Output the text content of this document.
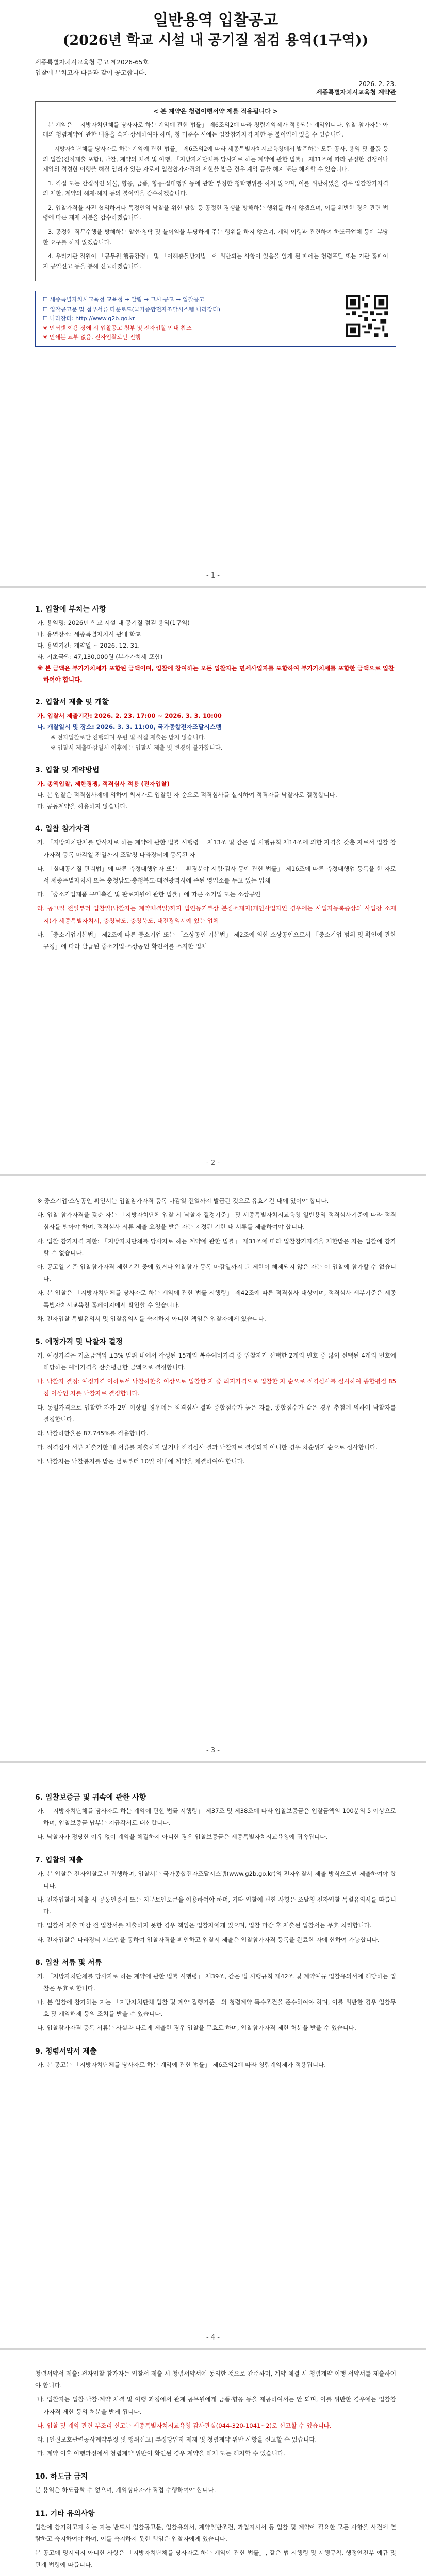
일반용역 입찰공고
(2026년 학교 시설 내 공기질 점검 용역(1구역))
세종특별자치시교육청 공고 제2026-65호
입찰에 부치고자 다음과 같이 공고합니다.
2026. 2. 23.
세종특별자치시교육청 계약관
< 본 계약은 청렴이행서약 제를 적용됩니다 >

본 계약은 「지방자치단체를 당사자로 하는 계약에 관한 법률」 제6조의2에 따라 청렴계약제가 적용되는 계약입니다. 입찰 참가자는 아래의 청렴계약에 관한 내용을 숙지·상세하여야 하며, 청 미준수 시에는 입찰참가자격 제한 등 불이익이 있을 수 있습니다.

「지방자치단체를 당사자로 하는 계약에 관한 법률」 제6조의2에 따라 세종특별자치시교육청에서 발주하는 모든 공사, 용역 및 물품 등의 입찰(견적제출 포함), 낙찰, 계약의 체결 및 이행, 「지방자치단체를 당사자로 하는 계약에 관한 법률」 제31조에 따라 공정한 경쟁이나 계약의 적정한 이행을 해칠 염려가 있는 자로서 입찰참가자격의 제한을 받은 경우 계약 등을 해지 또는 해제할 수 있습니다.

1. 직접 또는 간접적인 뇌물, 향응, 금품, 향응·접대행위 등에 관한 부정한 청탁행위를 하지 않으며, 이를 위반하였을 경우 입찰참가자격의 제한, 계약의 해제·해지 등의 불이익을 감수하겠습니다.

2. 입찰가격을 사전 협의하거나 특정인의 낙찰을 위한 담합 등 공정한 경쟁을 방해하는 행위를 하지 않겠으며, 이를 위반한 경우 관련 법령에 따른 제재 처분을 감수하겠습니다.

3. 공정한 직무수행을 방해하는 알선·청탁 및 불이익을 부당하게 주는 행위를 하지 않으며, 계약 이행과 관련하여 하도급업체 등에 부당한 요구를 하지 않겠습니다.

4. 우리기관 직원이 「공무원 행동강령」 및 「이해충돌방지법」에 위반되는 사항이 있음을 알게 된 때에는 청렴포털 또는 기관 홈페이지 공익신고 등을 통해 신고하겠습니다.

☐ 세종특별자치시교육청 교육청 → 알림 → 고시·공고 → 입찰공고
☐ 입찰공고문 및 첨부서류 다운로드(국가종합전자조달시스템 나라장터)
☐ 나라장터: http://www.g2b.go.kr
※ 인터넷 이용 장애 시 입찰공고 첨부 및 전자입찰 안내 참조
※ 인쇄본 교부 없음. 전자입찰로만 진행
- 1 -
1. 입찰에 부치는 사항
가. 용역명: 2026년 학교 시설 내 공기질 점검 용역(1구역)
나. 용역장소: 세종특별자치시 관내 학교
다. 용역기간: 계약일 ~ 2026. 12. 31.
라. 기초금액: 47,130,000원 (부가가치세 포함)
※ 본 금액은 부가가치세가 포함된 금액이며, 입찰에 참여하는 모든 입찰자는 면세사업자를 포함하여 부가가치세를 포함한 금액으로 입찰하여야 합니다.
2. 입찰서 제출 및 개찰
가. 입찰서 제출기간: 2026. 2. 23. 17:00 ~ 2026. 3. 3. 10:00
나. 개찰일시 및 장소: 2026. 3. 3. 11:00, 국가종합전자조달시스템
※ 전자입찰로만 진행되며 우편 및 직접 제출은 받지 않습니다.
※ 입찰서 제출마감일시 이후에는 입찰서 제출 및 변경이 불가합니다.
3. 입찰 및 계약방법
가. 총액입찰, 제한경쟁, 적격심사 적용 (전자입찰)
나. 본 입찰은 적격심사제에 의하여 최저가로 입찰한 자 순으로 적격심사를 실시하여 적격자를 낙찰자로 결정합니다.
다. 공동계약을 허용하지 않습니다.
4. 입찰 참가자격
가. 「지방자치단체를 당사자로 하는 계약에 관한 법률 시행령」 제13조 및 같은 법 시행규칙 제14조에 의한 자격을 갖춘 자로서 입찰 참가자격 등록 마감일 전일까지 조달청 나라장터에 등록된 자
나. 「실내공기질 관리법」에 따른 측정대행업자 또는 「환경분야 시험·검사 등에 관한 법률」 제16조에 따른 측정대행업 등록을 한 자로서 세종특별자치시 또는 충청남도·충청북도·대전광역시에 주된 영업소를 두고 있는 업체
다. 「중소기업제품 구매촉진 및 판로지원에 관한 법률」에 따른 소기업 또는 소상공인
라. 공고일 전일부터 입찰일(낙찰자는 계약체결일)까지 법인등기부상 본점소재지(개인사업자인 경우에는 사업자등록증상의 사업장 소재지)가 세종특별자치시, 충청남도, 충청북도, 대전광역시에 있는 업체
마. 「중소기업기본법」 제2조에 따른 중소기업 또는 「소상공인 기본법」 제2조에 의한 소상공인으로서 「중소기업 범위 및 확인에 관한 규정」에 따라 발급된 중소기업·소상공인 확인서를 소지한 업체
- 2 -
※ 중소기업·소상공인 확인서는 입찰참가자격 등록 마감일 전일까지 발급된 것으로 유효기간 내에 있어야 합니다.
바. 입찰 참가자격을 갖춘 자는 「지방자치단체 입찰 시 낙찰자 결정기준」 및 세종특별자치시교육청 일반용역 적격심사기준에 따라 적격심사를 받아야 하며, 적격심사 서류 제출 요청을 받은 자는 지정된 기한 내 서류를 제출하여야 합니다.
사. 입찰 참가자격 제한: 「지방자치단체를 당사자로 하는 계약에 관한 법률」 제31조에 따라 입찰참가자격을 제한받은 자는 입찰에 참가할 수 없습니다.
아. 공고일 기준 입찰참가자격 제한기간 중에 있거나 입찰참가 등록 마감일까지 그 제한이 해제되지 않은 자는 이 입찰에 참가할 수 없습니다.
자. 본 입찰은 「지방자치단체를 당사자로 하는 계약에 관한 법률 시행령」 제42조에 따른 적격심사 대상이며, 적격심사 세부기준은 세종특별자치시교육청 홈페이지에서 확인할 수 있습니다.
차. 전자입찰 특별유의서 및 입찰유의서를 숙지하지 아니한 책임은 입찰자에게 있습니다.
5. 예정가격 및 낙찰자 결정
가. 예정가격은 기초금액의 ±3% 범위 내에서 작성된 15개의 복수예비가격 중 입찰자가 선택한 2개의 번호 중 많이 선택된 4개의 번호에 해당하는 예비가격을 산술평균한 금액으로 결정합니다.
나. 낙찰자 결정: 예정가격 이하로서 낙찰하한율 이상으로 입찰한 자 중 최저가격으로 입찰한 자 순으로 적격심사를 실시하여 종합평점 85점 이상인 자를 낙찰자로 결정합니다.
다. 동일가격으로 입찰한 자가 2인 이상일 경우에는 적격심사 결과 종합점수가 높은 자를, 종합점수가 같은 경우 추첨에 의하여 낙찰자를 결정합니다.
라. 낙찰하한율은 87.745%를 적용합니다.
마. 적격심사 서류 제출기한 내 서류를 제출하지 않거나 적격심사 결과 낙찰자로 결정되지 아니한 경우 차순위자 순으로 심사합니다.
바. 낙찰자는 낙찰통지를 받은 날로부터 10일 이내에 계약을 체결하여야 합니다.
- 3 -
6. 입찰보증금 및 귀속에 관한 사항
가. 「지방자치단체를 당사자로 하는 계약에 관한 법률 시행령」 제37조 및 제38조에 따라 입찰보증금은 입찰금액의 100분의 5 이상으로 하며, 입찰보증금 납부는 지급각서로 대신합니다.
나. 낙찰자가 정당한 이유 없이 계약을 체결하지 아니한 경우 입찰보증금은 세종특별자치시교육청에 귀속됩니다.
7. 입찰의 제출
가. 본 입찰은 전자입찰로만 집행하며, 입찰서는 국가종합전자조달시스템(www.g2b.go.kr)의 전자입찰서 제출 방식으로만 제출하여야 합니다.
나. 전자입찰서 제출 시 공동인증서 또는 지문보안토큰을 이용하여야 하며, 기타 입찰에 관한 사항은 조달청 전자입찰 특별유의서를 따릅니다.
다. 입찰서 제출 마감 전 입찰서를 제출하지 못한 경우 책임은 입찰자에게 있으며, 입찰 마감 후 제출된 입찰서는 무효 처리합니다.
라. 전자입찰은 나라장터 시스템을 통하여 입찰자격을 확인하고 입찰서 제출은 입찰참가자격 등록을 완료한 자에 한하여 가능합니다.
8. 입찰 서류 및 서류
가. 「지방자치단체를 당사자로 하는 계약에 관한 법률 시행령」 제39조, 같은 법 시행규칙 제42조 및 계약예규 입찰유의서에 해당하는 입찰은 무효로 합니다.
나. 본 입찰에 참가하는 자는 「지방자치단체 입찰 및 계약 집행기준」의 청렴계약 특수조건을 준수하여야 하며, 이를 위반한 경우 입찰무효 및 계약해제 등의 조치를 받을 수 있습니다.
다. 입찰참가자격 등록 서류는 사실과 다르게 제출한 경우 입찰을 무효로 하며, 입찰참가자격 제한 처분을 받을 수 있습니다.
9. 청렴서약서 제출
가. 본 공고는 「지방자치단체를 당사자로 하는 계약에 관한 법률」 제6조의2에 따라 청렴계약제가 적용됩니다.
- 4 -
청렴서약서 제출: 전자입찰 참가자는 입찰서 제출 시 청렴서약서에 동의한 것으로 간주하며, 계약 체결 시 청렴계약 이행 서약서를 제출하여야 합니다.
나. 입찰자는 입찰·낙찰·계약 체결 및 이행 과정에서 관계 공무원에게 금품·향응 등을 제공하여서는 안 되며, 이를 위반한 경우에는 입찰참가자격 제한 등의 처분을 받게 됩니다.
다. 입찰 및 계약 관련 부조리 신고는 세종특별자치시교육청 감사관실(044-320-1041~2)로 신고할 수 있습니다.
라. [인권보호관련공사계약부정 및 행위신고] 부정당업자 제재 및 청렴계약 위반 사항을 신고할 수 있습니다.
마. 계약 이후 이행과정에서 청렴계약 위반이 확인된 경우 계약을 해제 또는 해지할 수 있습니다.
10. 하도급 금지
본 용역은 하도급할 수 없으며, 계약상대자가 직접 수행하여야 합니다.
11. 기타 유의사항
입찰에 참가하고자 하는 자는 반드시 입찰공고문, 입찰유의서, 계약일반조건, 과업지시서 등 입찰 및 계약에 필요한 모든 사항을 사전에 열람하고 숙지하여야 하며, 이를 숙지하지 못한 책임은 입찰자에게 있습니다.
본 공고에 명시되지 아니한 사항은 「지방자치단체를 당사자로 하는 계약에 관한 법률」, 같은 법 시행령 및 시행규칙, 행정안전부 예규 및 관계 법령에 따릅니다.
